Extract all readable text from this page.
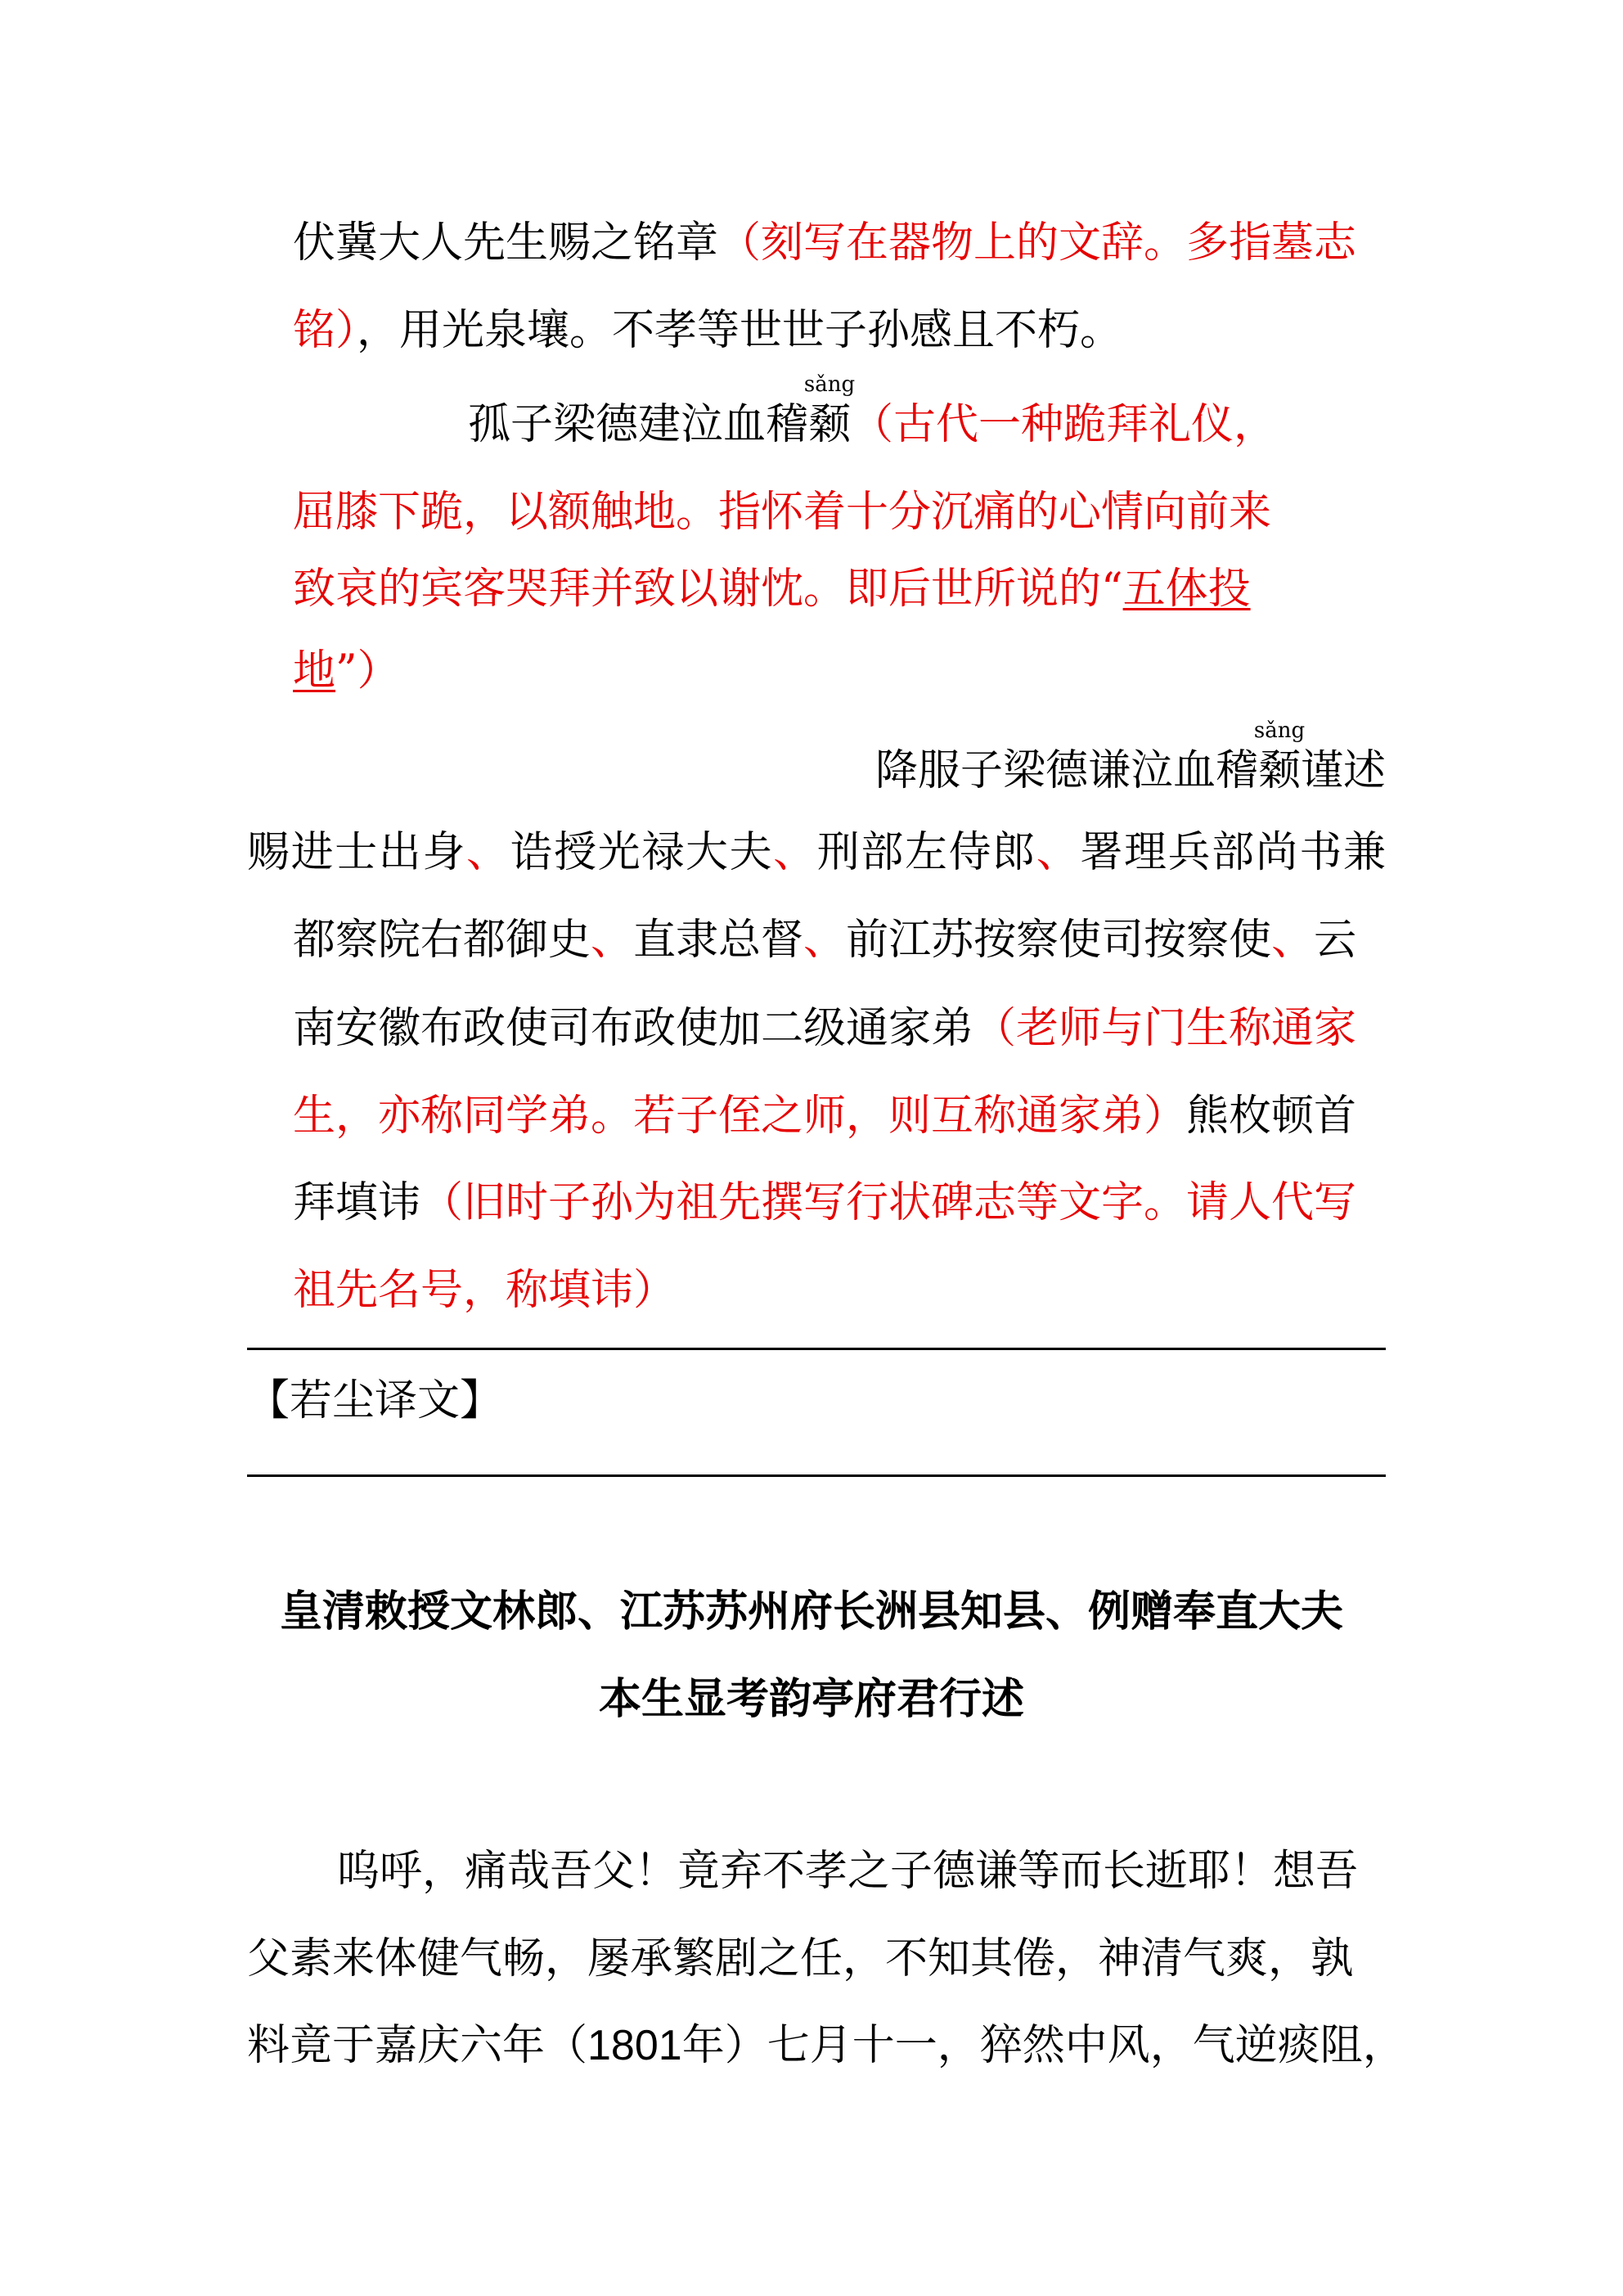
伏冀大人先生赐之铭章（刻写在器物上的文辞。多指墓志
铭），用光泉壤。不孝等世世子孙感且不朽。
孤子梁德建泣血稽颡
sǎng
（古代一种跪拜礼仪，
屈膝下跪，以额触地。指怀着十分沉痛的心情向前来
致哀的宾客哭拜并致以谢忱。即后世所说的“五体投
地”）
降服子梁德谦泣血稽颡
sǎng
谨述
赐进士出身、诰授光禄大夫、刑部左侍郎、署理兵部尚书兼
都察院右都御史、直隶总督、前江苏按察使司按察使、云
南安徽布政使司布政使加二级通家弟（老师与门生称通家
生，亦称同学弟。若子侄之师，则互称通家弟）熊枚顿首
拜填讳（旧时子孙为祖先撰写行状碑志等文字。请人代写
祖先名号，称填讳）
【若尘译文】
皇清敕授文林郎、江苏苏州府长洲县知县、例赠奉直大夫
本生显考韵亭府君行述
呜呼，痛哉吾父！竟弃不孝之子德谦等而长逝耶！想吾
父素来体健气畅，屡承繁剧之任，不知其倦，神清气爽，孰
料竟于嘉庆六年（1801年）七月十一，猝然中风，气逆痰阻，
